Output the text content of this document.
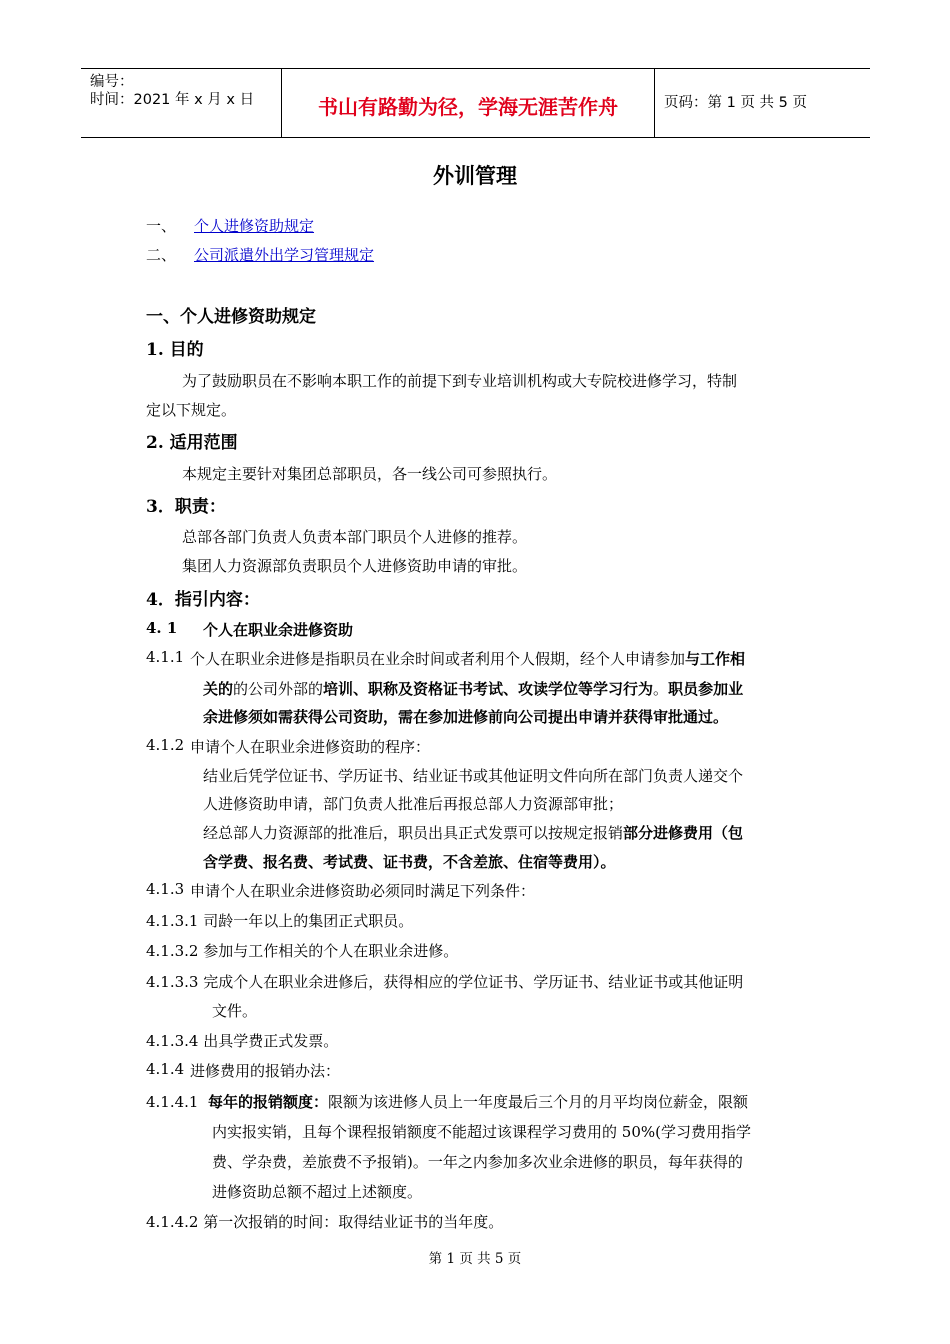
编号：
时间：2021 年 x 月 x 日	书山有路勤为径，学海无涯苦作舟	页码：第 1 页 共 5 页
外训管理
一、 个人进修资助规定
二、 公司派遣外出学习管理规定
一、个人进修资助规定
1. 目的
为了鼓励职员在不影响本职工作的前提下到专业培训机构或大专院校进修学习，特制
定以下规定。
2. 适用范围
本规定主要针对集团总部职员，各一线公司可参照执行。
3．职责：
总部各部门负责人负责本部门职员个人进修的推荐。
集团人力资源部负责职员个人进修资助申请的审批。
4．指引内容：
4. 1 个人在职业余进修资助
4.1.1 个人在职业余进修是指职员在业余时间或者利用个人假期，经个人申请参加与工作相
关的的公司外部的培训、职称及资格证书考试、攻读学位等学习行为。职员参加业
余进修须如需获得公司资助，需在参加进修前向公司提出申请并获得审批通过。
4.1.2 申请个人在职业余进修资助的程序：
结业后凭学位证书、学历证书、结业证书或其他证明文件向所在部门负责人递交个
人进修资助申请，部门负责人批准后再报总部人力资源部审批；
经总部人力资源部的批准后，职员出具正式发票可以按规定报销部分进修费用（包
含学费、报名费、考试费、证书费，不含差旅、住宿等费用）。
4.1.3 申请个人在职业余进修资助必须同时满足下列条件：
4.1.3.1 司龄一年以上的集团正式职员。
4.1.3.2 参加与工作相关的个人在职业余进修。
4.1.3.3 完成个人在职业余进修后，获得相应的学位证书、学历证书、结业证书或其他证明
文件。
4.1.3.4 出具学费正式发票。
4.1.4 进修费用的报销办法：
4.1.4.1 每年的报销额度：限额为该进修人员上一年度最后三个月的月平均岗位薪金，限额
内实报实销，且每个课程报销额度不能超过该课程学习费用的 50%(学习费用指学
费、学杂费，差旅费不予报销)。一年之内参加多次业余进修的职员，每年获得的
进修资助总额不超过上述额度。
4.1.4.2 第一次报销的时间：取得结业证书的当年度。
第 1 页 共 5 页
